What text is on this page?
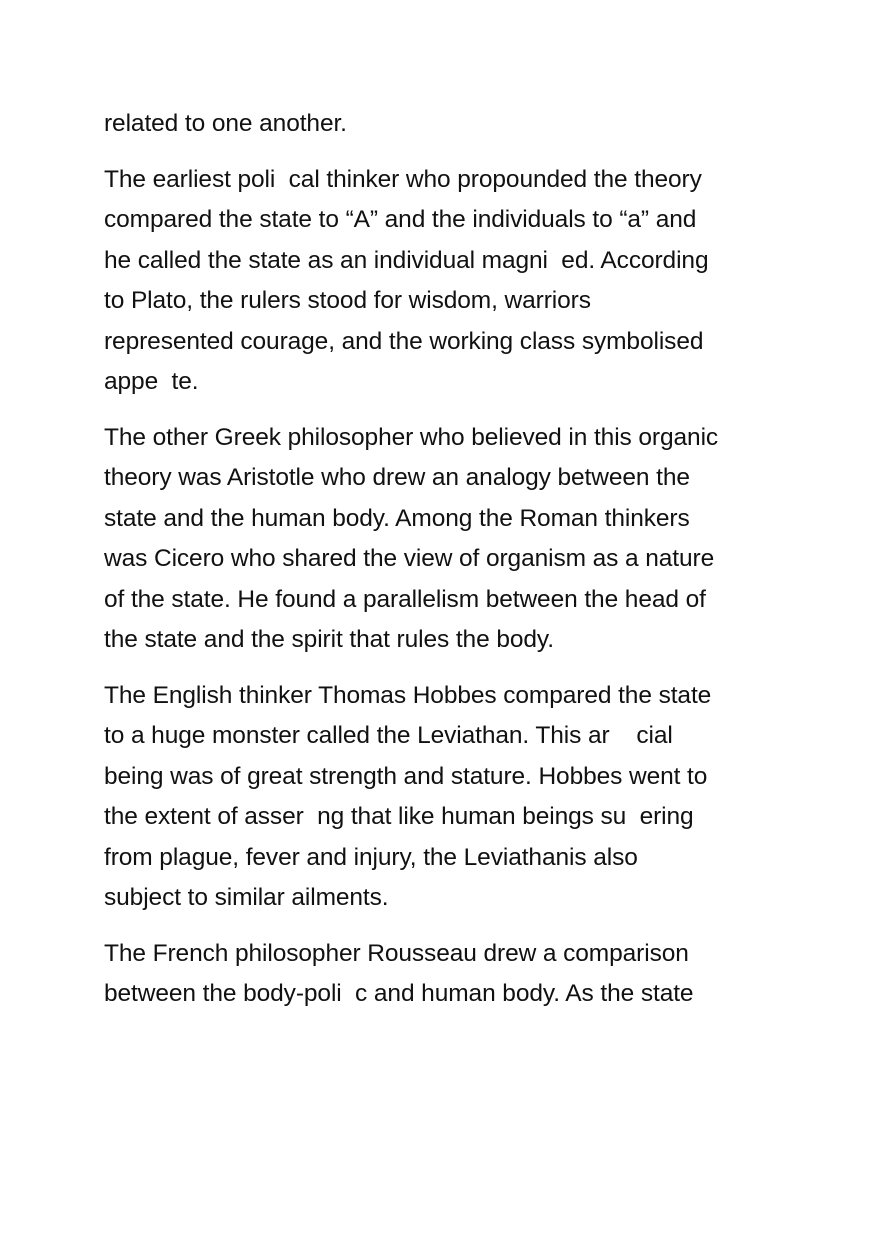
related to one another.

The earliest poli  cal thinker who propounded the theory
compared the state to “A” and the individuals to “a” and
he called the state as an individual magni  ed. According
to Plato, the rulers stood for wisdom, warriors
represented courage, and the working class symbolised
appe  te.

The other Greek philosopher who believed in this organic
theory was Aristotle who drew an analogy between the
state and the human body. Among the Roman thinkers
was Cicero who shared the view of organism as a nature
of the state. He found a parallelism between the head of
the state and the spirit that rules the body.

The English thinker Thomas Hobbes compared the state
to a huge monster called the Leviathan. This ar    cial
being was of great strength and stature. Hobbes went to
the extent of asser  ng that like human beings su  ering
from plague, fever and injury, the Leviathanis also
subject to similar ailments.

The French philosopher Rousseau drew a comparison
between the body-poli  c and human body. As the state
